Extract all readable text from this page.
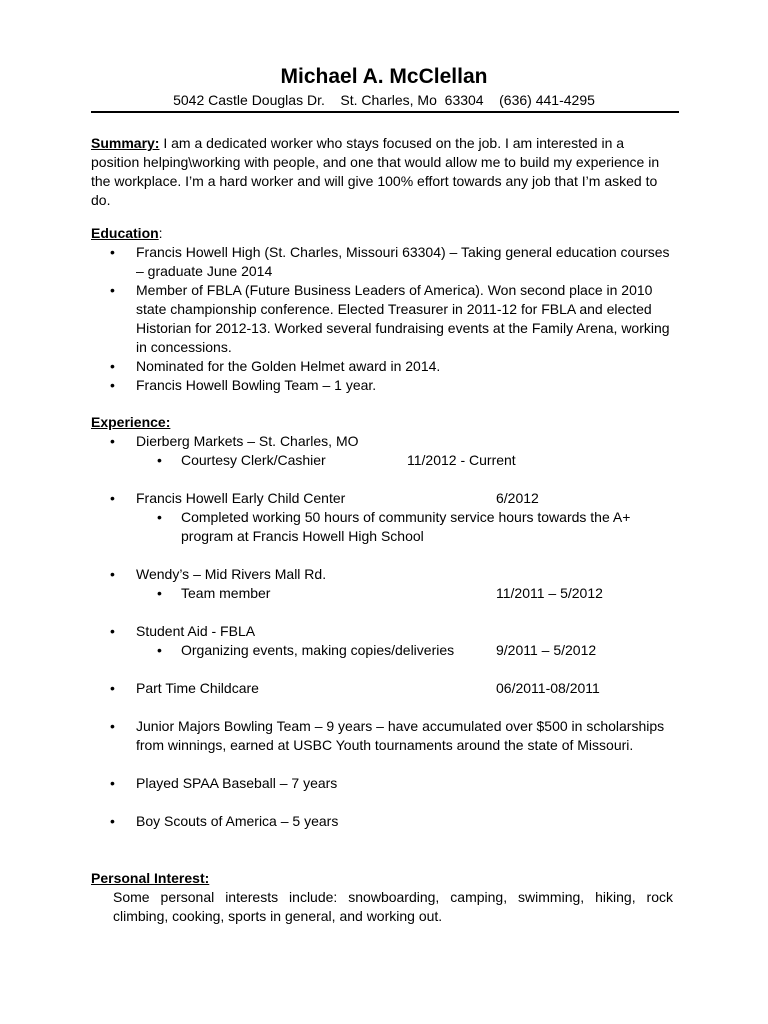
Michael A. McClellan
5042 Castle Douglas Dr.    St. Charles, Mo  63304    (636) 441-4295
Summary: I am a dedicated worker who stays focused on the job. I am interested in a position helping\working with people, and one that would allow me to build my experience in the workplace. I’m a hard worker and will give 100% effort towards any job that I’m asked to do.
Education:
• Francis Howell High (St. Charles, Missouri 63304) – Taking general education courses – graduate June 2014
• Member of FBLA (Future Business Leaders of America). Won second place in 2010 state championship conference. Elected Treasurer in 2011-12 for FBLA and elected Historian for 2012-13. Worked several fundraising events at the Family Arena, working in concessions.
• Nominated for the Golden Helmet award in 2014.
• Francis Howell Bowling Team – 1 year.
Experience:
• Dierberg Markets – St. Charles, MO
• Courtesy Clerk/Cashier	11/2012 - Current
• Francis Howell Early Child Center	6/2012
• Completed working 50 hours of community service hours towards the A+ program at Francis Howell High School
• Wendy’s – Mid Rivers Mall Rd.
• Team member	11/2011 – 5/2012
• Student Aid - FBLA
• Organizing events, making copies/deliveries	9/2011 – 5/2012
• Part Time Childcare	06/2011-08/2011
• Junior Majors Bowling Team – 9 years – have accumulated over $500 in scholarships from winnings, earned at USBC Youth tournaments around the state of Missouri.
• Played SPAA Baseball – 7 years
• Boy Scouts of America – 5 years
Personal Interest:
Some personal interests include: snowboarding, camping, swimming, hiking, rock climbing, cooking, sports in general, and working out.
